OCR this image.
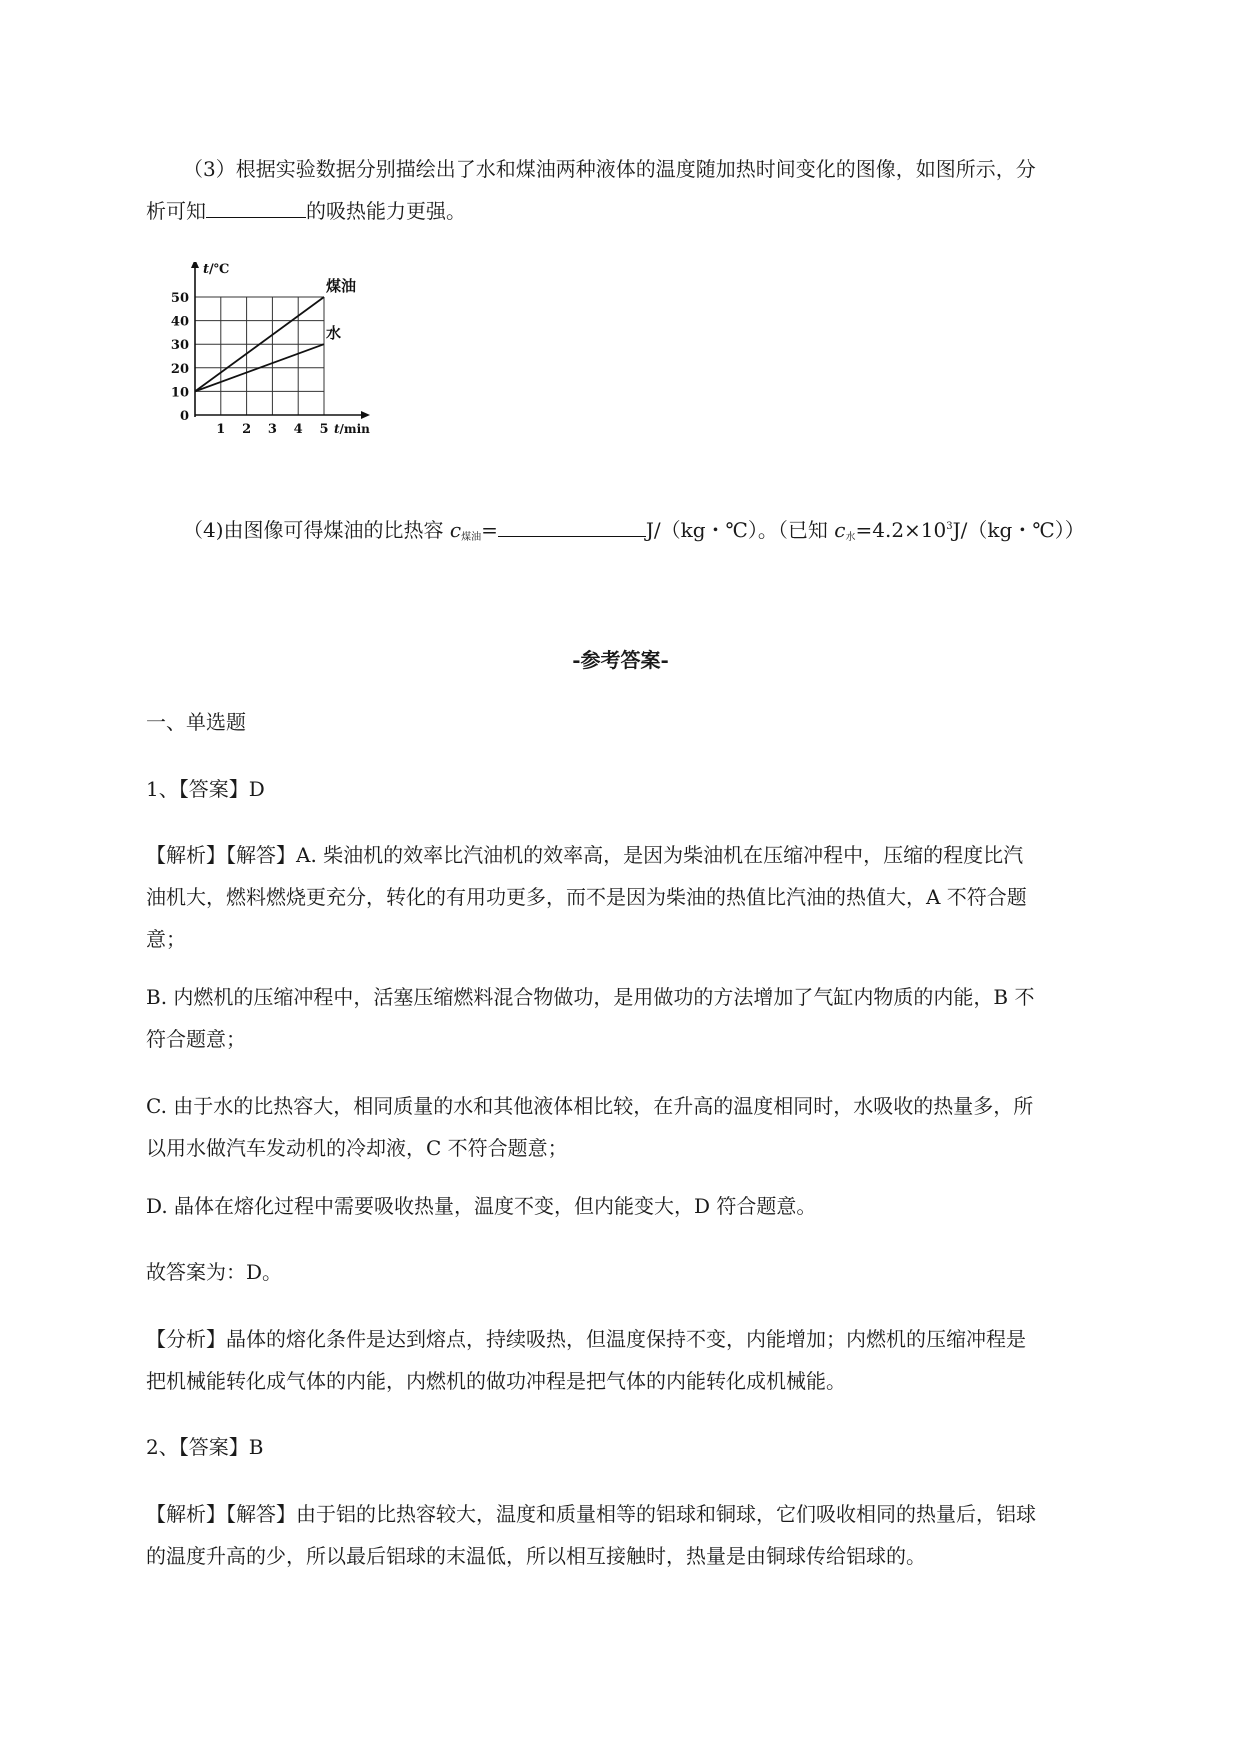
（3）根据实验数据分别描绘出了水和煤油两种液体的温度随加热时间变化的图像，如图所示，分
析可知	的吸热能力更强。
1 2 3 4 5
10
20
30
40
50
0
煤油
水
t/℃
t/min
（4)由图像可得煤油的比热容 $c_{煤油}=$	J/（kg・℃）。（已知 $c_水=4.2\times 10^3J/(kg$・℃））
-参考答案-
一、单选题
1、【答案】D
【解析】【解答】A. 柴油机的效率比汽油机的效率高，是因为柴油机在压缩冲程中，压缩的程度比汽
油机大，燃料燃烧更充分，转化的有用功更多，而不是因为柴油的热值比汽油的热值大，A 不符合题
意；
B. 内燃机的压缩冲程中，活塞压缩燃料混合物做功，是用做功的方法增加了气缸内物质的内能，B 不
符合题意；
C. 由于水的比热容大，相同质量的水和其他液体相比较，在升高的温度相同时，水吸收的热量多，所
以用水做汽车发动机的冷却液，C 不符合题意；
D. 晶体在熔化过程中需要吸收热量，温度不变，但内能变大，D 符合题意。
故答案为：D。
【分析】晶体的熔化条件是达到熔点，持续吸热，但温度保持不变，内能增加；内燃机的压缩冲程是
把机械能转化成气体的内能，内燃机的做功冲程是把气体的内能转化成机械能。
2、【答案】B
【解析】【解答】由于铝的比热容较大，温度和质量相等的铝球和铜球，它们吸收相同的热量后，铝球
的温度升高的少，所以最后铝球的末温低，所以相互接触时，热量是由铜球传给铝球的。
